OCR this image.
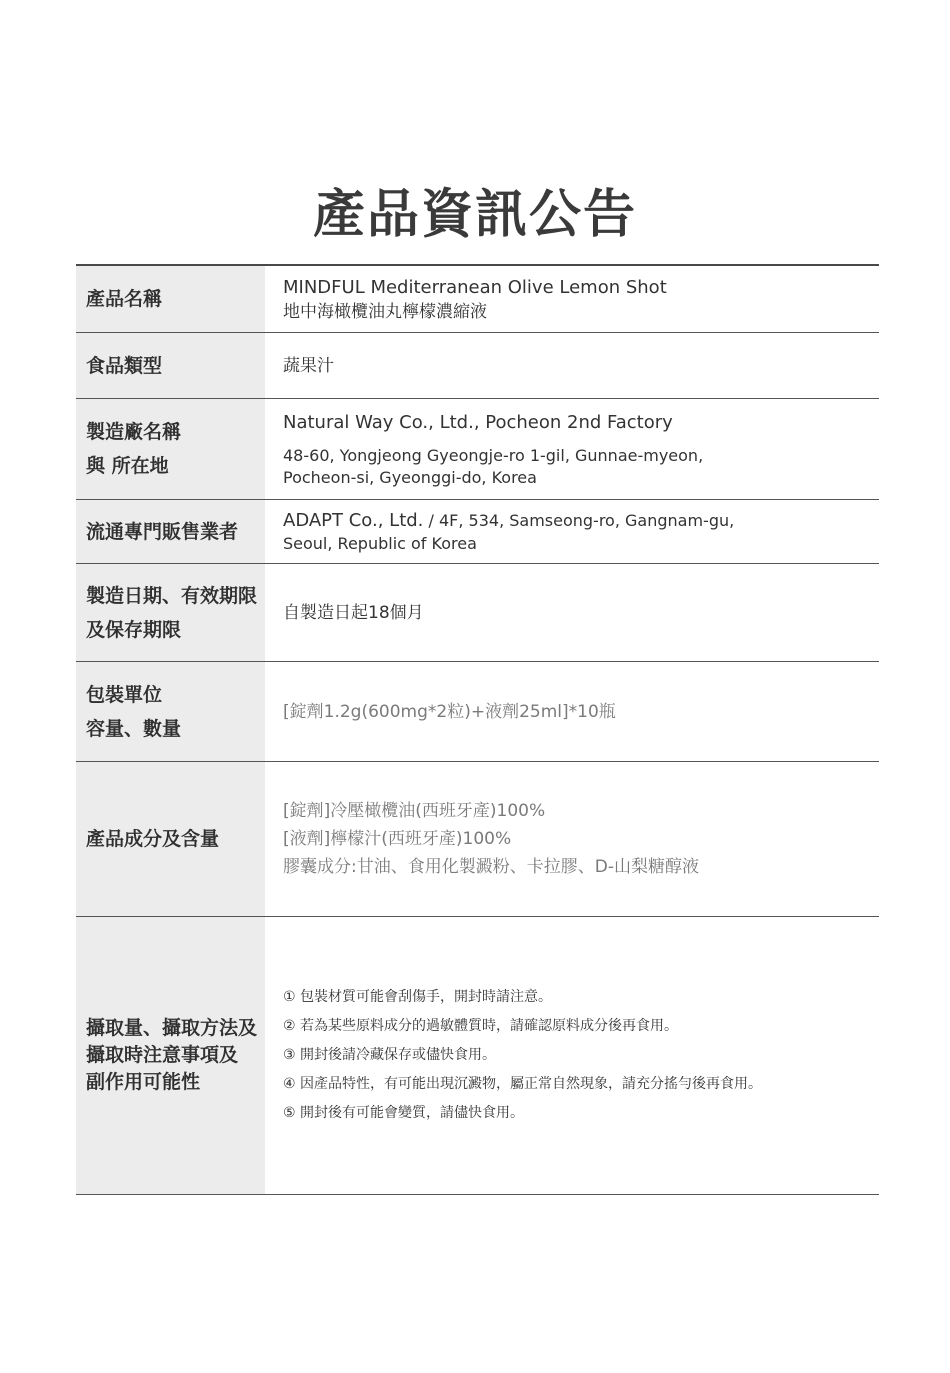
產品資訊公告
產品名稱
MINDFUL Mediterranean Olive Lemon Shot
地中海橄欖油丸檸檬濃縮液
食品類型	蔬果汁
製造廠名稱
與 所在地
Natural Way Co., Ltd., Pocheon 2nd Factory
48-60, Yongjeong Gyeongje-ro 1-gil, Gunnae-myeon,
Pocheon-si, Gyeonggi-do, Korea
流通專門販售業者	ADAPT Co., Ltd. / 4F, 534, Samseong-ro, Gangnam-gu,
Seoul, Republic of Korea
製造日期、有效期限
及保存期限
自製造日起18個月
包裝單位
容量、數量
[錠劑1.2g(600mg*2粒)+液劑25ml]*10瓶
產品成分及含量
[錠劑]冷壓橄欖油(西班牙產)100%
[液劑]檸檬汁(西班牙產)100%
膠囊成分:甘油、食用化製澱粉、卡拉膠、D-山梨糖醇液
攝取量、攝取方法及
攝取時注意事項及
副作用可能性
① 包裝材質可能會刮傷手，開封時請注意。
② 若為某些原料成分的過敏體質時，請確認原料成分後再食用。
③ 開封後請冷藏保存或儘快食用。
④ 因產品特性，有可能出現沉澱物，屬正常自然現象，請充分搖勻後再食用。
⑤ 開封後有可能會變質，請儘快食用。
